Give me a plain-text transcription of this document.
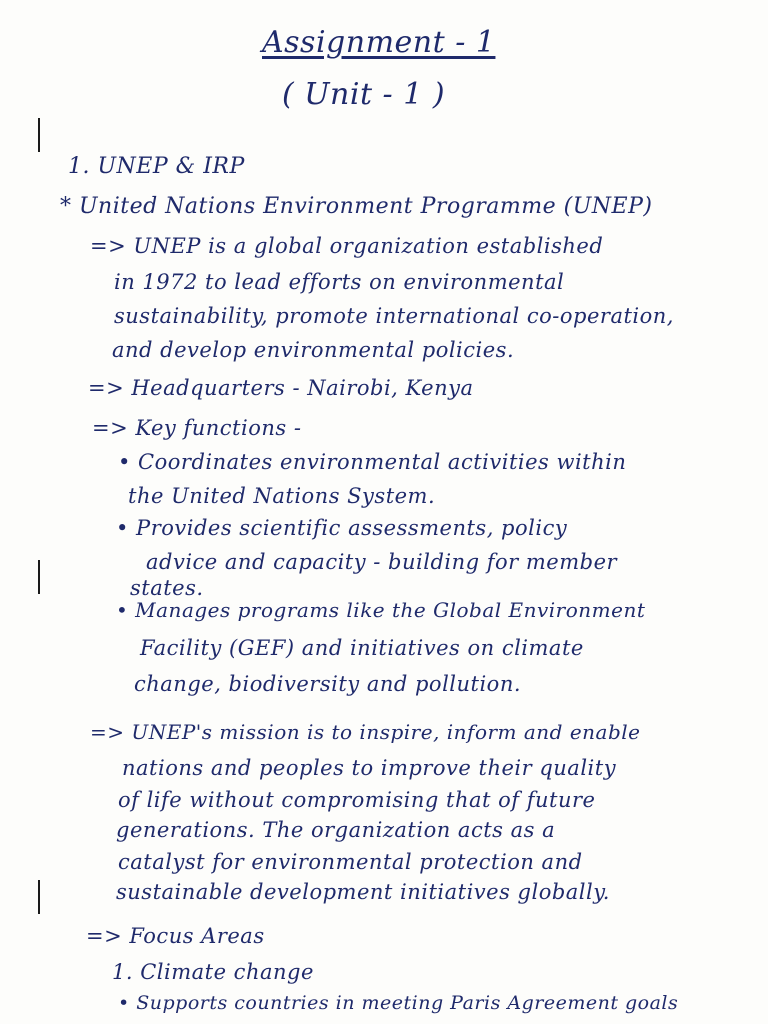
Assignment - 1
( Unit - 1 )
1. UNEP & IRP
* United Nations Environment Programme (UNEP)
=> UNEP is a global organization established
in 1972 to lead efforts on environmental
sustainability, promote international co-operation,
and develop environmental policies.
=> Headquarters - Nairobi, Kenya
=> Key functions -
• Coordinates environmental activities within
the United Nations System.
• Provides scientific assessments, policy
advice and capacity - building for member
states.
• Manages programs like the Global Environment
Facility (GEF) and initiatives on climate
change, biodiversity and pollution.
=> UNEP's mission is to inspire, inform and enable
nations and peoples to improve their quality
of life without compromising that of future
generations. The organization acts as a
catalyst for environmental protection and
sustainable development initiatives globally.
=> Focus Areas
1. Climate change
• Supports countries in meeting Paris Agreement goals
